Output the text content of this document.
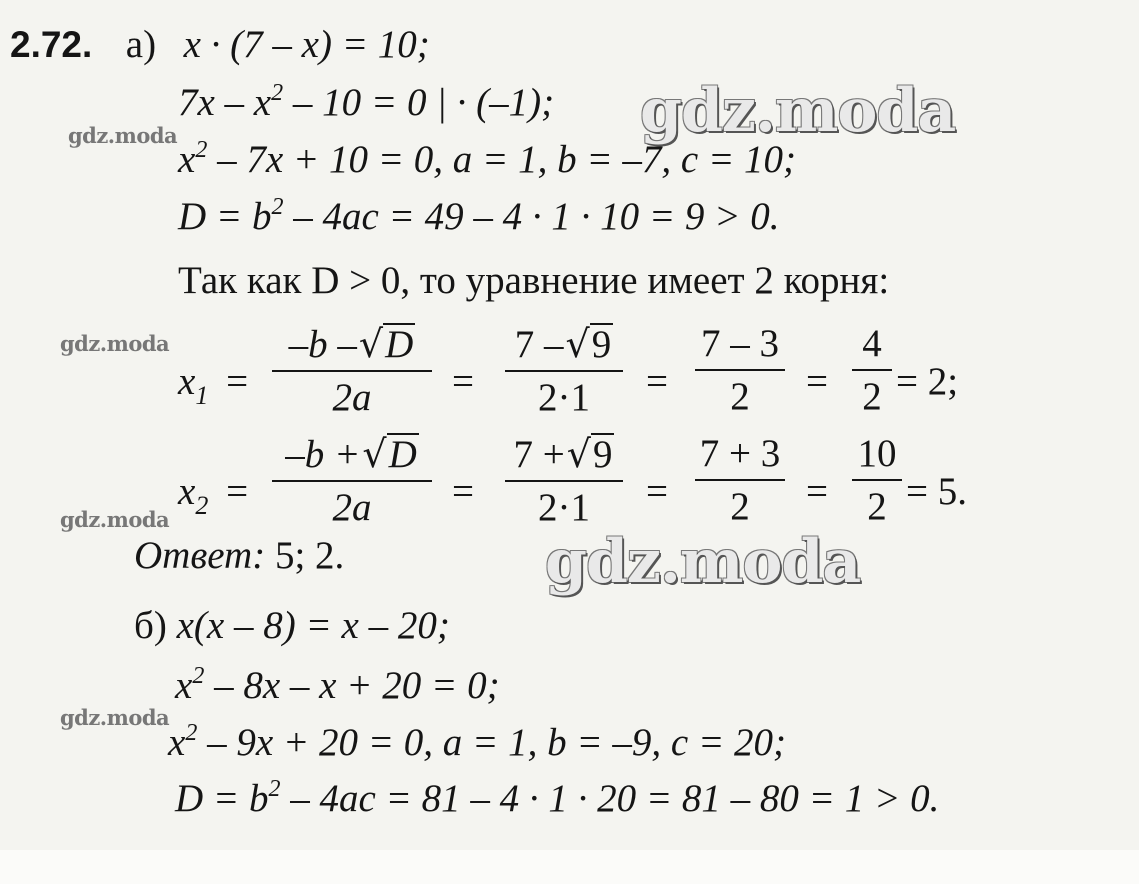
2.72. а) x · (7 – x) = 10;
$7x - x^2 - 10 = 0$ | · (–1);
$x^2 - 7x + 10 = 0$, a = 1, b = –7, c = 10;
$D = b^2 - 4ac = 49 - 4 \cdot 1 \cdot 10 = 9 > 0$.
Так как D > 0, то уравнение имеет 2 корня:
$x_1$ =
–b –√D
2a	=
7 –√9
2·1	=
7 – 3
2	=
4
2 = 2;
$x_2$ =
–b +√D
2a	=
7 +√9
2·1	=
7 + 3
2	=
10
2 = 5.
Ответ: 5; 2.
б) x(x – 8) = x – 20;
$x^2 - 8x - x + 20 = 0$;
$x^2 - 9x + 20 = 0$, a = 1, b = –9, c = 20;
$D = b^2 - 4ac = 81 - 4 \cdot 1 \cdot 20 = 81 - 80 = 1 > 0$.
gdz.moda
gdz.moda
gdz.moda
gdz.moda
gdz.moda
gdz.moda
